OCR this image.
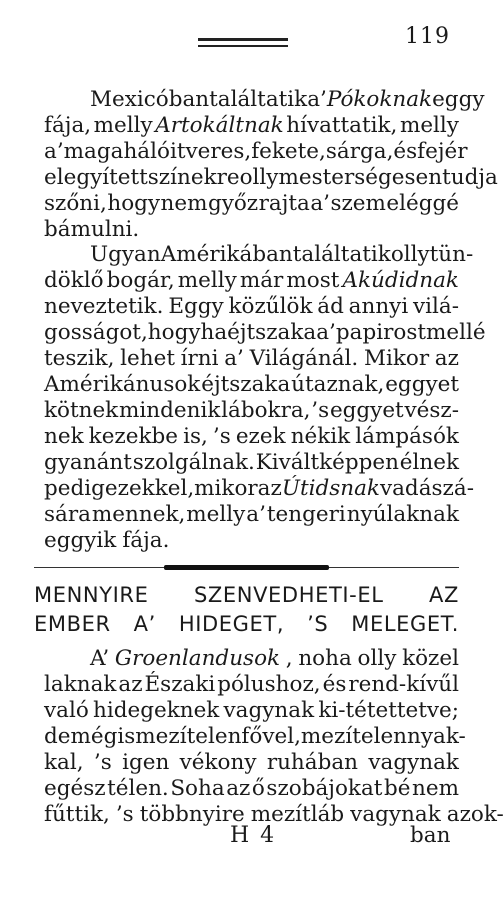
119
Mexicóban találtatik a’ Pókoknak eggy
fája, melly Artokáltnak hívattatik, melly
a’ maga hálóit veres, fekete, sárga, és fejér
elegyített színekre olly mesterségesen tudja
szőni, hogy nem győz rajta a’ szem eléggé
bámulni.
Ugyan Amérikában találtatik olly tün-
döklő bogár, melly már most Akúdidnak
neveztetik. Eggy közűlök ád annyi vilá-
gosságot, hogy ha éjtszaka a’ papirost mellé
teszik, lehet írni a’ Világánál. Mikor az
Amérikánusok éjtszaka útaznak, eggyet
kötnek mindenik lábokra, ’s eggyet vész-
nek kezekbe is, ’s ezek nékik lámpásók
gyanánt szolgálnak. Kiváltképpen élnek
pedig ezekkel, mikor az Útidsnak vadászá-
sára mennek, melly a’ tengeri nyúlaknak
eggyik fája.
MENNYIRE SZENVEDHETI-EL AZ
EMBER A’ HIDEGET, ’S MELEGET.
A’ Groenlandusok , noha olly közel
laknak az Északi pólushoz, és rend-kívűl
való hidegeknek vagynak ki-tétettetve;
de még is mezítelen fővel, mezítelen nyak-
kal, ’s igen vékony ruhában vagynak
egész télen. Soha az ő szobájokat bé nem
fűttik, ’s többnyire mezítláb vagynak azok-
H 4	ban
